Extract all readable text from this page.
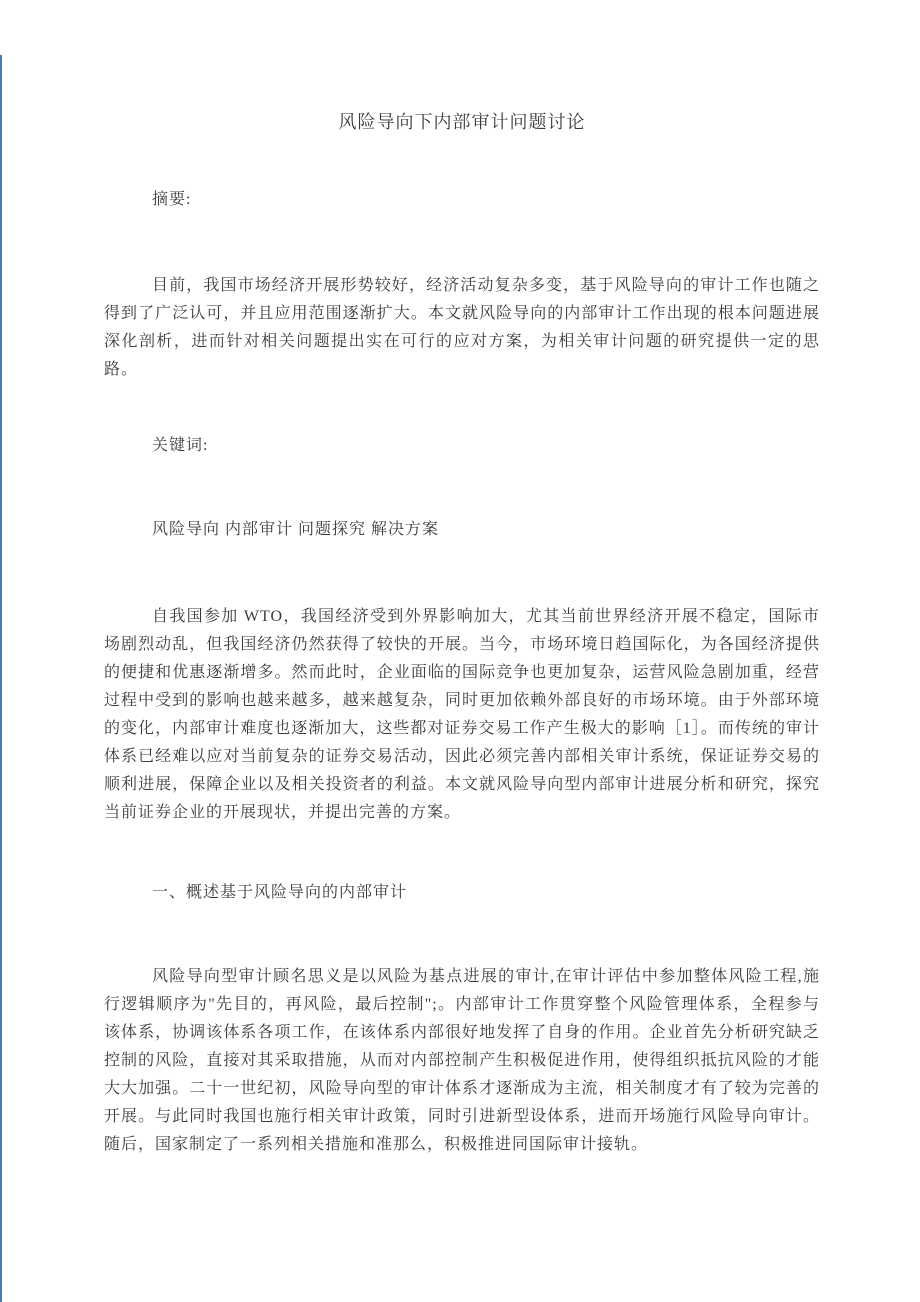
风险导向下内部审计问题讨论

摘要:

目前，我国市场经济开展形势较好，经济活动复杂多变，基于风险导向的审计工作也随之得到了广泛认可，并且应用范围逐渐扩大。本文就风险导向的内部审计工作出现的根本问题进展深化剖析，进而针对相关问题提出实在可行的应对方案，为相关审计问题的研究提供一定的思路。

关键词:

风险导向 内部审计 问题探究 解决方案

自我国参加 WTO，我国经济受到外界影响加大，尤其当前世界经济开展不稳定，国际市场剧烈动乱，但我国经济仍然获得了较快的开展。当今，市场环境日趋国际化，为各国经济提供的便捷和优惠逐渐增多。然而此时，企业面临的国际竞争也更加复杂，运营风险急剧加重，经营过程中受到的影响也越来越多，越来越复杂，同时更加依赖外部良好的市场环境。由于外部环境的变化，内部审计难度也逐渐加大，这些都对证券交易工作产生极大的影响［1］。而传统的审计体系已经难以应对当前复杂的证券交易活动，因此必须完善内部相关审计系统，保证证券交易的顺利进展，保障企业以及相关投资者的利益。本文就风险导向型内部审计进展分析和研究，探究当前证券企业的开展现状，并提出完善的方案。

一、概述基于风险导向的内部审计

风险导向型审计顾名思义是以风险为基点进展的审计,在审计评估中参加整体风险工程,施行逻辑顺序为"先目的，再风险，最后控制";。内部审计工作贯穿整个风险管理体系，全程参与该体系，协调该体系各项工作，在该体系内部很好地发挥了自身的作用。企业首先分析研究缺乏控制的风险，直接对其采取措施，从而对内部控制产生积极促进作用，使得组织抵抗风险的才能大大加强。二十一世纪初，风险导向型的审计体系才逐渐成为主流，相关制度才有了较为完善的开展。与此同时我国也施行相关审计政策，同时引进新型设体系，进而开场施行风险导向审计。随后，国家制定了一系列相关措施和准那么，积极推进同国际审计接轨。
